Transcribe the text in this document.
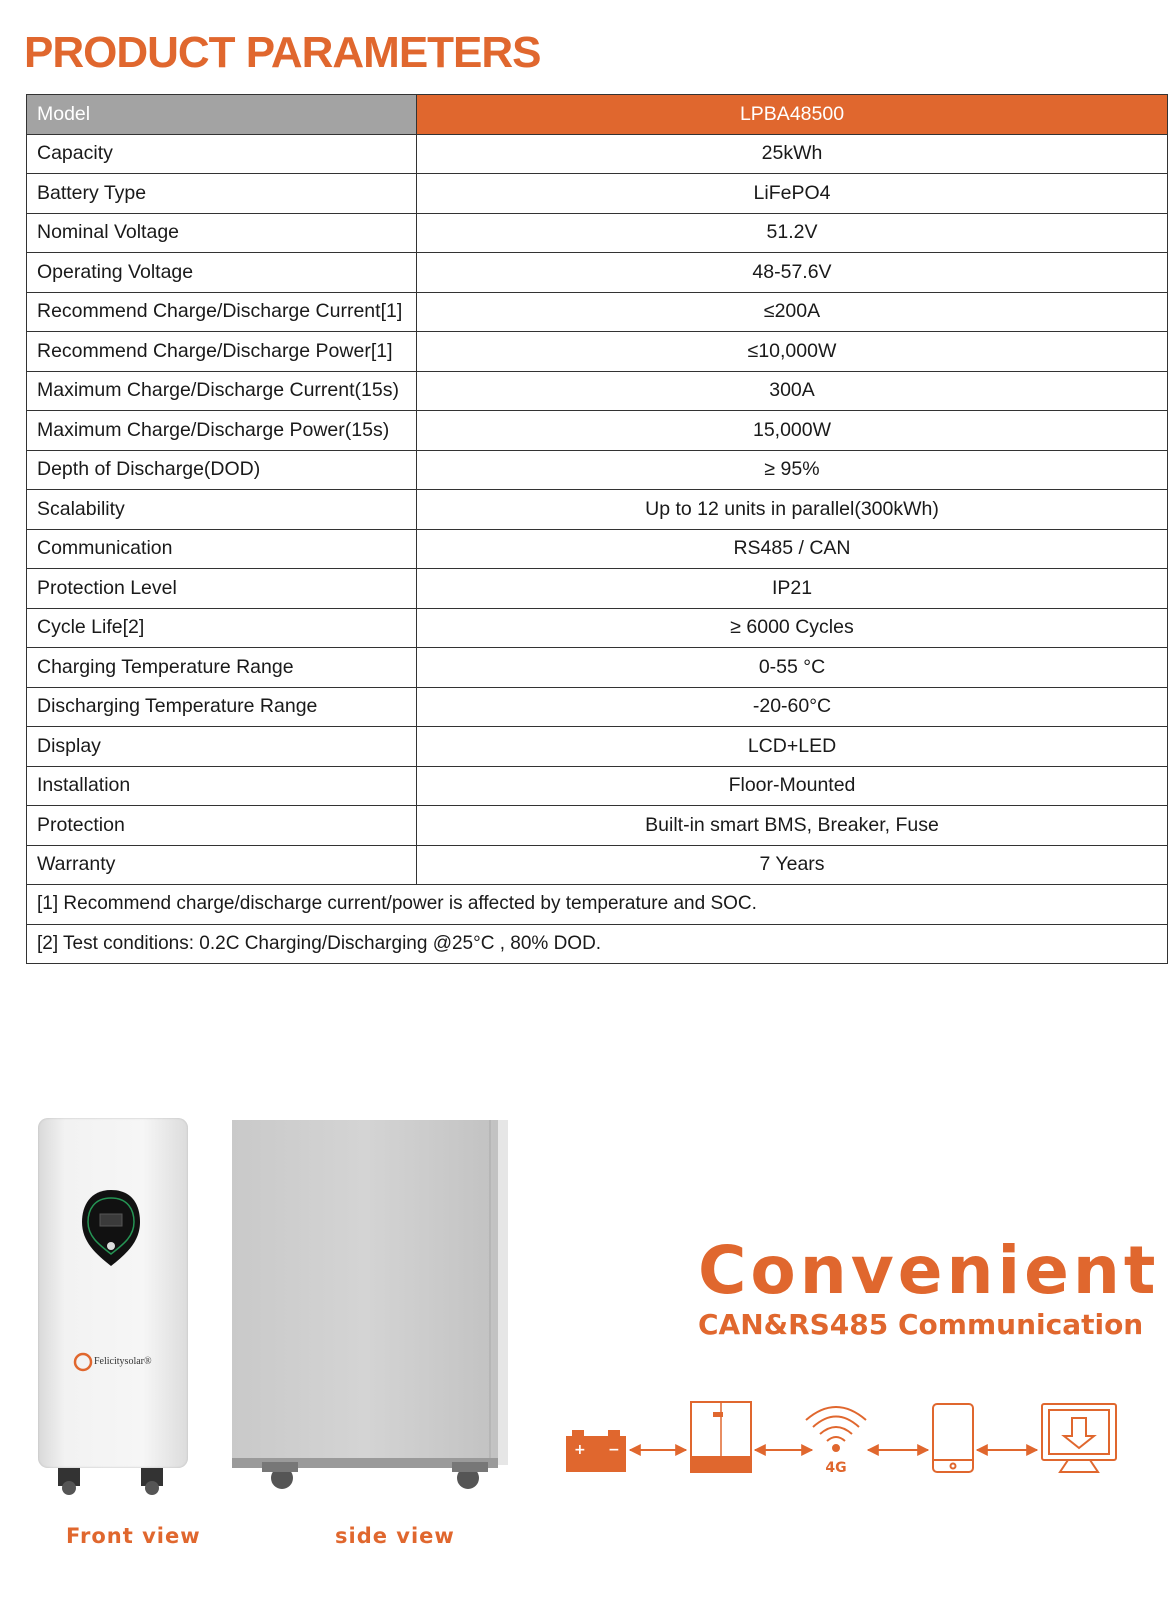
PRODUCT PARAMETERS
Model	LPBA48500
Capacity	25kWh
Battery Type	LiFePO4
Nominal Voltage	51.2V
Operating Voltage	48-57.6V
Recommend Charge/Discharge Current[1]	≤200A
Recommend Charge/Discharge Power[1]	≤10,000W
Maximum Charge/Discharge Current(15s)	300A
Maximum Charge/Discharge Power(15s)	15,000W
Depth of Discharge(DOD)	≥ 95%
Scalability	Up to 12 units in parallel(300kWh)
Communication	RS485 / CAN
Protection Level	IP21
Cycle Life[2]	≥ 6000 Cycles
Charging Temperature Range	0-55 °C
Discharging Temperature Range	-20-60°C
Display	LCD+LED
Installation	Floor-Mounted
Protection	Built-in smart BMS, Breaker, Fuse
Warranty	7 Years
[1] Recommend charge/discharge current/power is affected by temperature and SOC.	
[2] Test conditions: 0.2C Charging/Discharging @25°C , 80% DOD.	
Felicitysolar®
Front view	side view
Convenient
CAN&RS485 Communication
+ −
4G
